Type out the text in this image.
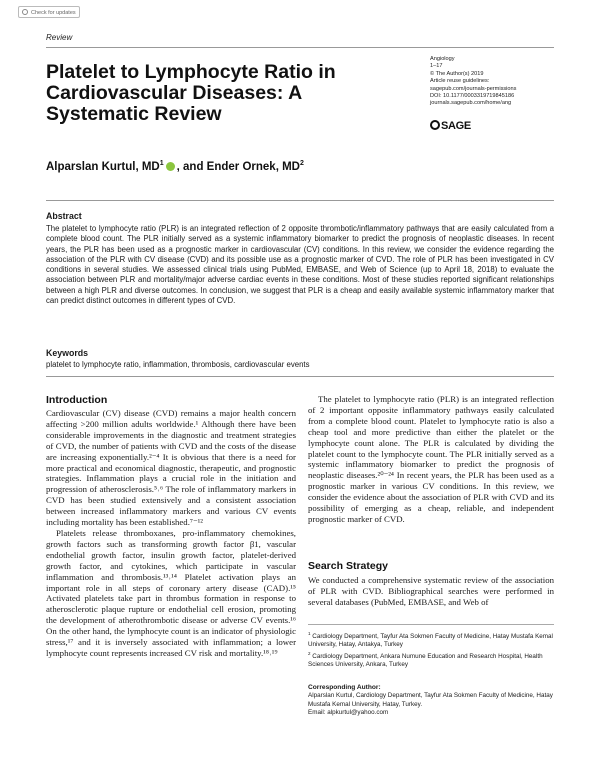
Check for updates
Review
Platelet to Lymphocyte Ratio in Cardiovascular Diseases: A Systematic Review
Angiology
1–17
© The Author(s) 2019
Article reuse guidelines:
sagepub.com/journals-permissions
DOI: 10.1177/0003319719845186
journals.sagepub.com/home/ang
SAGE
Alparslan Kurtul, $MD^1$ , and Ender Ornek, $MD^2$
Abstract
The platelet to lymphocyte ratio (PLR) is an integrated reflection of 2 opposite thrombotic/inflammatory pathways that are easily calculated from a complete blood count. The PLR initially served as a systemic inflammatory biomarker to predict the prognosis of neoplastic diseases. In recent years, the PLR has been used as a prognostic marker in cardiovascular (CV) conditions. In this review, we consider the evidence regarding the association of the PLR with CV disease (CVD) and its possible use as a prognostic marker of CVD. The role of PLR has been investigated in CV conditions in several studies. We assessed clinical trials using PubMed, EMBASE, and Web of Science (up to April 18, 2018) to evaluate the association between PLR and mortality/major adverse cardiac events in these conditions. Most of these studies reported significant relationships between a high PLR and diverse outcomes. In conclusion, we suggest that PLR is a cheap and easily available systemic inflammatory marker that can predict distinct outcomes in different types of CVD.
Keywords
platelet to lymphocyte ratio, inflammation, thrombosis, cardiovascular events
Introduction

Cardiovascular (CV) disease (CVD) remains a major health concern affecting >200 million adults worldwide.¹ Although there have been considerable improvements in the diagnostic and treatment strategies of CVD, the number of patients with CVD and the costs of the disease are increasing exponentially.²⁻⁴ It is obvious that there is a need for more practical and economical diagnostic, therapeutic, and prognostic strategies. Inflammation plays a crucial role in the initiation and progression of atherosclerosis.⁵˒⁶ The role of inflammatory markers in CVD has been studied extensively and a consistent association between increased inflammatory markers and various CV events including mortality has been established.⁷⁻¹²

Platelets release thromboxanes, pro-inflammatory chemokines, growth factors such as transforming growth factor β1, vascular endothelial growth factor, insulin growth factor, platelet-derived growth factor, and cytokines, which participate in vascular inflammation and thrombosis.¹³˒¹⁴ Platelet activation plays an important role in all steps of coronary artery disease (CAD).¹⁵ Activated platelets take part in thrombus formation in response to atherosclerotic plaque rupture or endothelial cell erosion, promoting the development of atherothrombotic disease or adverse CV events.¹⁶ On the other hand, the lymphocyte count is an indicator of physiologic stress,¹⁷ and it is inversely associated with inflammation; a lower lymphocyte count represents increased CV risk and mortality.¹⁸˒¹⁹

The platelet to lymphocyte ratio (PLR) is an integrated reflection of 2 important opposite inflammatory pathways easily calculated from a complete blood count. Platelet to lymphocyte ratio is also a cheap tool and more predictive than either the platelet or the lymphocyte count alone. The PLR is calculated by dividing the platelet count to the lymphocyte count. The PLR initially served as a systemic inflammatory biomarker to predict the prognosis of neoplastic diseases.²⁰⁻²⁴ In recent years, the PLR has been used as a prognostic marker in various CV conditions. In this review, we consider the evidence about the association of PLR with CVD and its possibility of emerging as a cheap, reliable, and independent prognostic marker of CVD.

Search Strategy

We conducted a comprehensive systematic review of the association of PLR with CVD. Bibliographical searches were performed in several databases (PubMed, EMBASE, and Web of

$^1$ Cardiology Department, Tayfur Ata Sokmen Faculty of Medicine, Hatay Mustafa Kemal University, Hatay, Antakya, Turkey
$^2$ Cardiology Department, Ankara Numune Education and Research Hospital, Health Sciences University, Ankara, Turkey
Corresponding Author:
Alparslan Kurtul, Cardiology Department, Tayfur Ata Sokmen Faculty of Medicine, Hatay Mustafa Kemal University, Hatay, Turkey.
Email: alpkurtul@yahoo.com
